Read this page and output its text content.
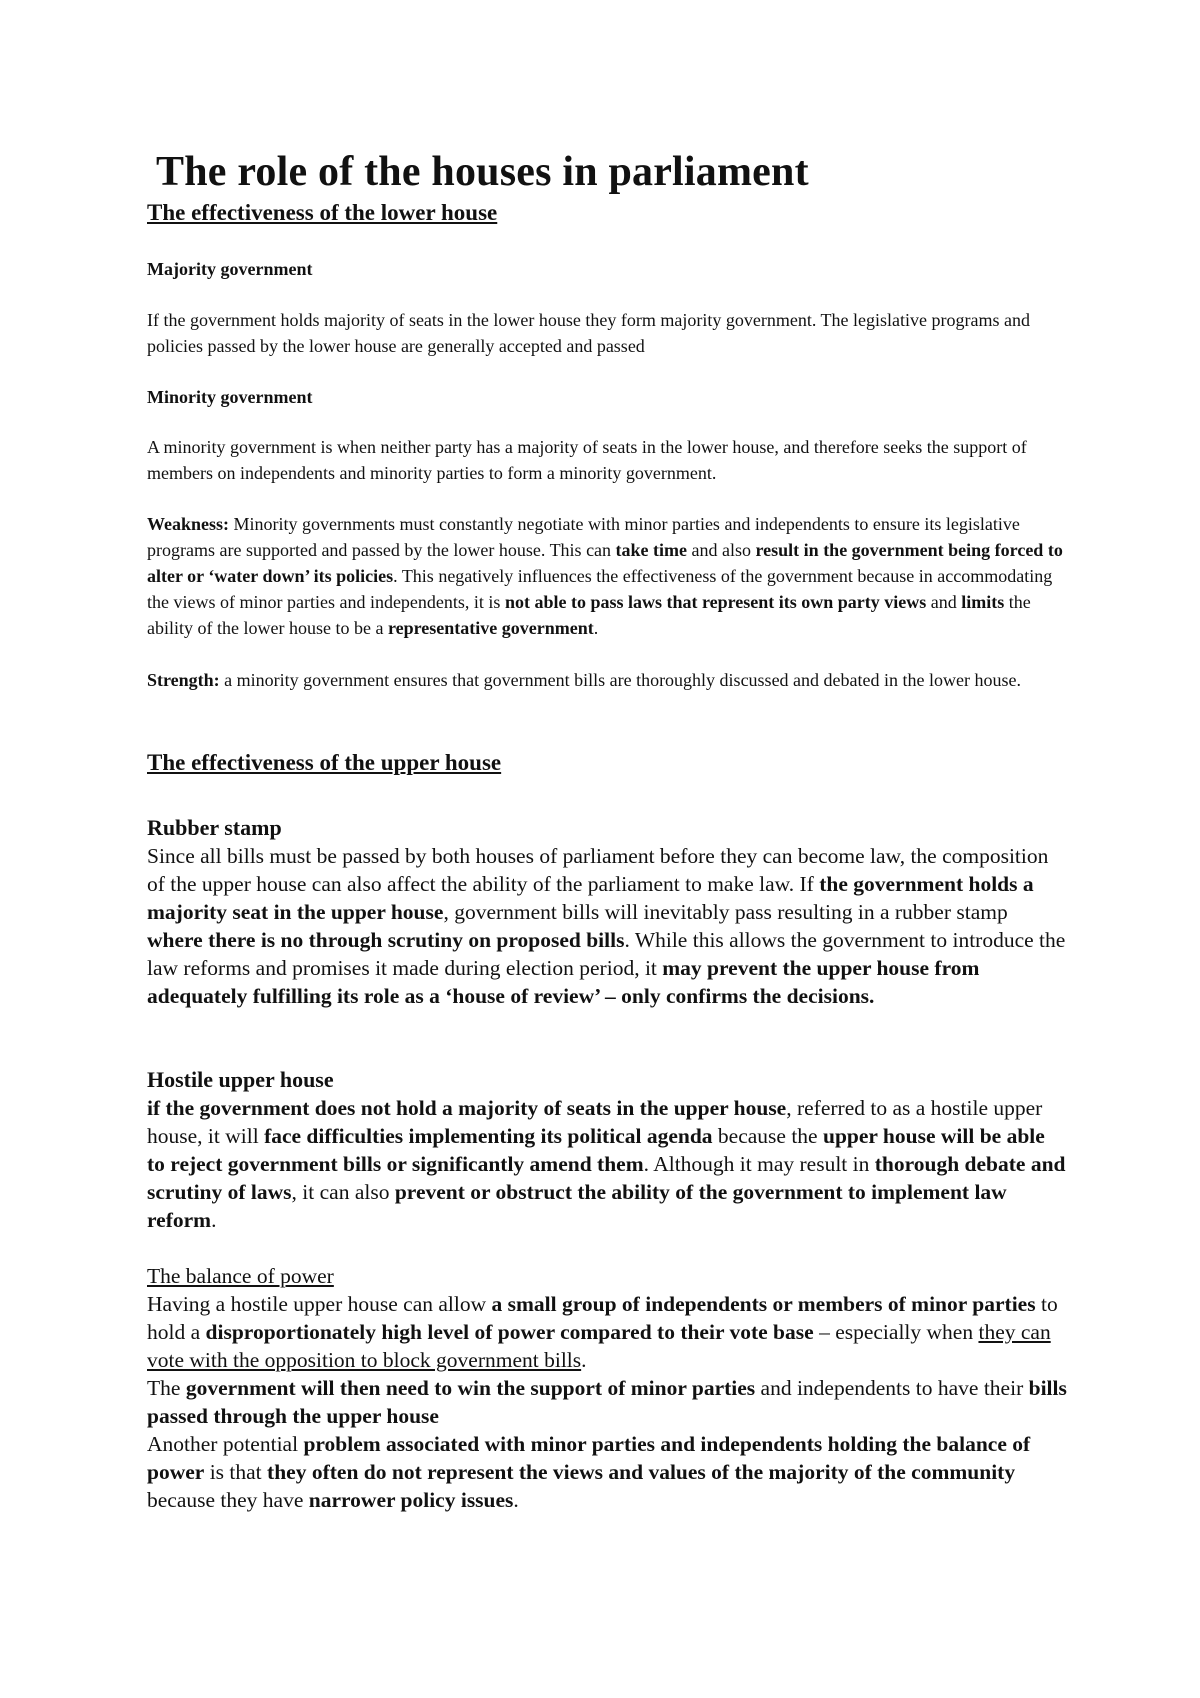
The role of the houses in parliament
The effectiveness of the lower house
Majority government

If the government holds majority of seats in the lower house they form majority government. The legislative programs and policies passed by the lower house are generally accepted and passed

Minority government

A minority government is when neither party has a majority of seats in the lower house, and therefore seeks the support of members on independents and minority parties to form a minority government.

Weakness: Minority governments must constantly negotiate with minor parties and independents to ensure its legislative programs are supported and passed by the lower house. This can take time and also result in the government being forced to alter or ‘water down’ its policies. This negatively influences the effectiveness of the government because in accommodating the views of minor parties and independents, it is not able to pass laws that represent its own party views and limits the ability of the lower house to be a representative government.

Strength: a minority government ensures that government bills are thoroughly discussed and debated in the lower house.

The effectiveness of the upper house
Rubber stamp

Since all bills must be passed by both houses of parliament before they can become law, the composition of the upper house can also affect the ability of the parliament to make law. If the government holds a majority seat in the upper house, government bills will inevitably pass resulting in a rubber stamp where there is no through scrutiny on proposed bills. While this allows the government to introduce the law reforms and promises it made during election period, it may prevent the upper house from adequately fulfilling its role as a ‘house of review’ – only confirms the decisions.

Hostile upper house

if the government does not hold a majority of seats in the upper house, referred to as a hostile upper house, it will face difficulties implementing its political agenda because the upper house will be able to reject government bills or significantly amend them. Although it may result in thorough debate and scrutiny of laws, it can also prevent or obstruct the ability of the government to implement law reform.

The balance of power

Having a hostile upper house can allow a small group of independents or members of minor parties to hold a disproportionately high level of power compared to their vote base – especially when they can vote with the opposition to block government bills.

The government will then need to win the support of minor parties and independents to have their bills passed through the upper house

Another potential problem associated with minor parties and independents holding the balance of power is that they often do not represent the views and values of the majority of the community because they have narrower policy issues.
